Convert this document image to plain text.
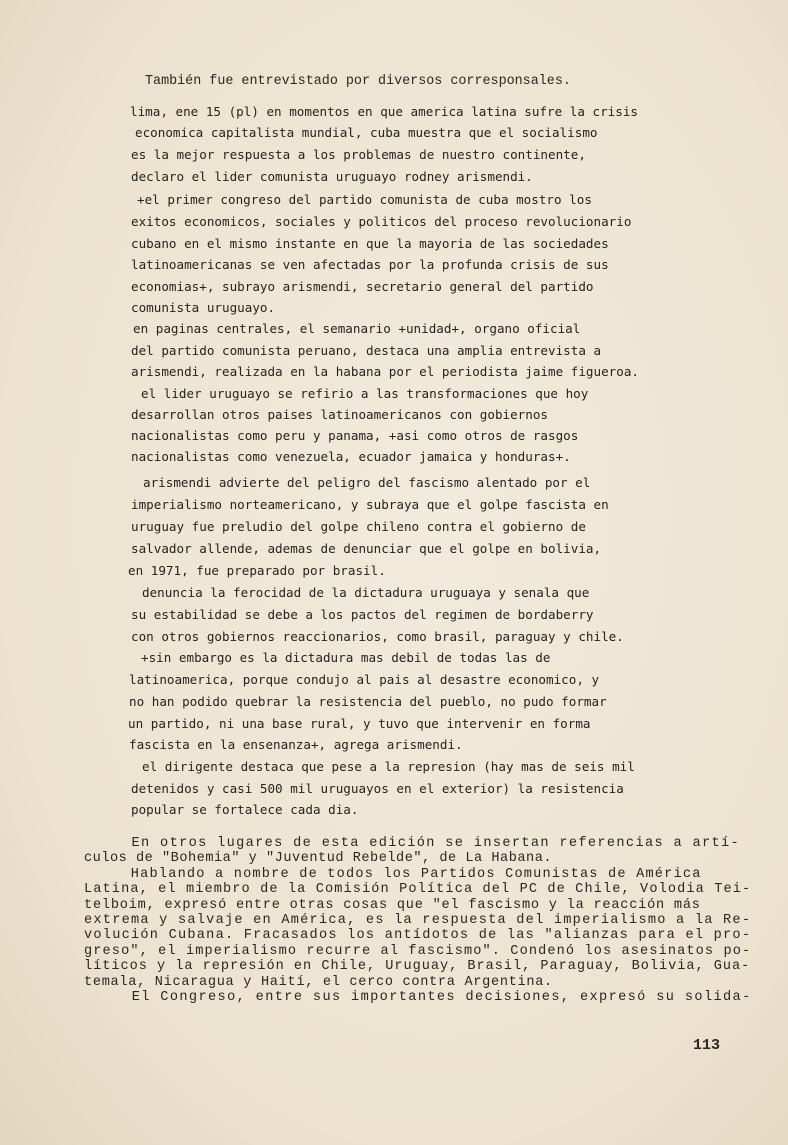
También fue entrevistado por diversos corresponsales.
lima, ene 15 (pl) en momentos en que america latina sufre la crisis
economica capitalista mundial, cuba muestra que el socialismo
es la mejor respuesta a los problemas de nuestro continente,
declaro el lider comunista uruguayo rodney arismendi.
+el primer congreso del partido comunista de cuba mostro los
exitos economicos, sociales y politicos del proceso revolucionario
cubano en el mismo instante en que la mayoria de las sociedades
latinoamericanas se ven afectadas por la profunda crisis de sus
economias+, subrayo arismendi, secretario general del partido
comunista uruguayo.
en paginas centrales, el semanario +unidad+, organo oficial
del partido comunista peruano, destaca una amplia entrevista a
arismendi, realizada en la habana por el periodista jaime figueroa.
el lider uruguayo se refirio a las transformaciones que hoy
desarrollan otros paises latinoamericanos con gobiernos
nacionalistas como peru y panama, +asi como otros de rasgos
nacionalistas como venezuela, ecuador jamaica y honduras+.
arismendi advierte del peligro del fascismo alentado por el
imperialismo norteamericano, y subraya que el golpe fascista en
uruguay fue preludio del golpe chileno contra el gobierno de
salvador allende, ademas de denunciar que el golpe en bolivia,
en 1971, fue preparado por brasil.
denuncia la ferocidad de la dictadura uruguaya y senala que
su estabilidad se debe a los pactos del regimen de bordaberry
con otros gobiernos reaccionarios, como brasil, paraguay y chile.
+sin embargo es la dictadura mas debil de todas las de
latinoamerica, porque condujo al pais al desastre economico, y
no han podido quebrar la resistencia del pueblo, no pudo formar
un partido, ni una base rural, y tuvo que intervenir en forma
fascista en la ensenanza+, agrega arismendi.
el dirigente destaca que pese a la represion (hay mas de seis mil
detenidos y casi 500 mil uruguayos en el exterior) la resistencia
popular se fortalece cada dia.
En otros lugares de esta edición se insertan referencias a artí-
culos de "Bohemia" y "Juventud Rebelde", de La Habana.
Hablando a nombre de todos los Partidos Comunistas de América
Latina, el miembro de la Comisión Política del PC de Chile, Volodia Tei-
telboim, expresó entre otras cosas que "el fascismo y la reacción más
extrema y salvaje en América, es la respuesta del imperialismo a la Re-
volución Cubana. Fracasados los antídotos de las "alianzas para el pro-
greso", el imperialismo recurre al fascismo". Condenó los asesinatos po-
líticos y la represión en Chile, Uruguay, Brasil, Paraguay, Bolivia, Gua-
temala, Nicaragua y Haití, el cerco contra Argentina.
El Congreso, entre sus importantes decisiones, expresó su solida-
113
